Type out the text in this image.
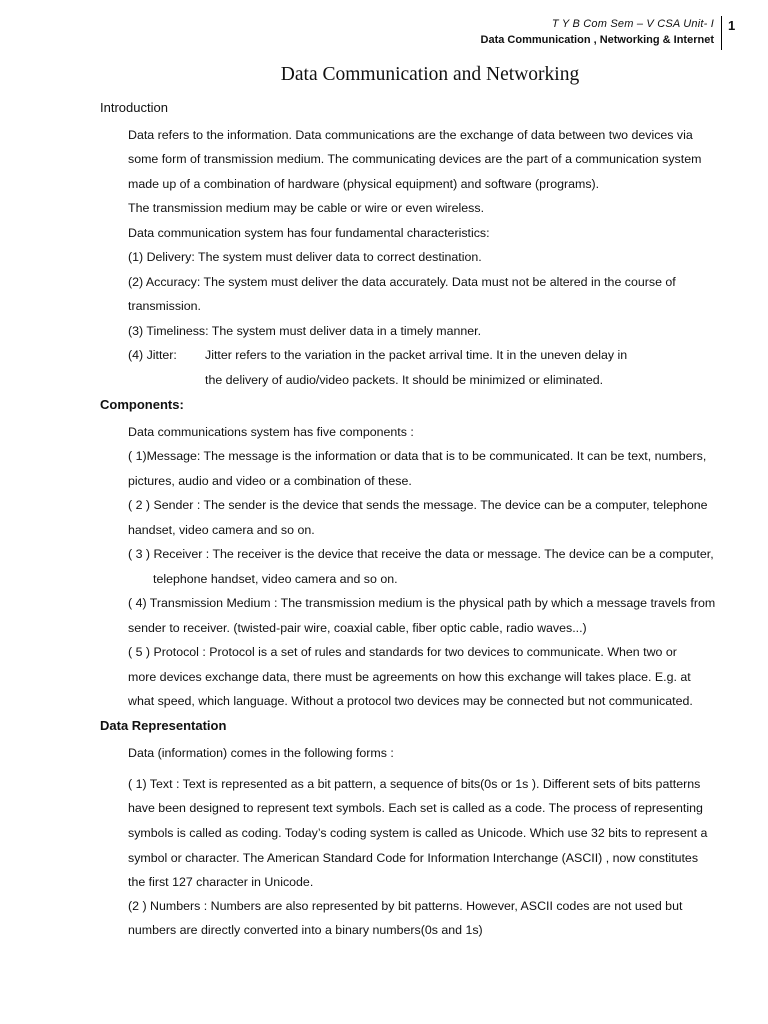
T Y B Com Sem – V CSA Unit- I
Data Communication , Networking & Internet
1
Data Communication and Networking
Introduction
Data refers to the information. Data communications are the exchange of data between two devices via
some form of transmission medium. The communicating devices are the part of a communication system
made up of a combination of hardware (physical equipment) and software (programs).
The transmission medium may be cable or wire or even wireless.
Data communication system has four fundamental characteristics:
(1) Delivery: The system must deliver data to correct destination.
(2) Accuracy: The system must deliver the data accurately. Data must not be altered in the course of
transmission.
(3) Timeliness: The system must deliver data in a timely manner.
(4) Jitter: Jitter refers to the variation in the packet arrival time. It in the uneven delay in
the delivery of audio/video packets. It should be minimized or eliminated.
Components:
Data communications system has five components :
( 1)Message: The message is the information or data that is to be communicated. It can be text, numbers,
pictures, audio and video or a combination of these.
( 2 ) Sender : The sender is the device that sends the message. The device can be a computer, telephone
handset, video camera and so on.
( 3 ) Receiver : The receiver is the device that receive the data or message. The device can be a computer,
telephone handset, video camera and so on.
( 4) Transmission Medium : The transmission medium is the physical path by which a message travels from
sender to receiver. (twisted-pair wire, coaxial cable, fiber optic cable, radio waves...)
( 5 ) Protocol : Protocol is a set of rules and standards for two devices to communicate. When two or
more devices exchange data, there must be agreements on how this exchange will takes place. E.g. at
what speed, which language. Without a protocol two devices may be connected but not communicated.
Data Representation
Data (information) comes in the following forms :
( 1) Text : Text is represented as a bit pattern, a sequence of bits(0s or 1s ). Different sets of bits patterns
have been designed to represent text symbols. Each set is called as a code. The process of representing
symbols is called as coding. Today’s coding system is called as Unicode. Which use 32 bits to represent a
symbol or character. The American Standard Code for Information Interchange (ASCII) , now constitutes
the first 127 character in Unicode.
(2 ) Numbers : Numbers are also represented by bit patterns. However, ASCII codes are not used but
numbers are directly converted into a binary numbers(0s and 1s)
